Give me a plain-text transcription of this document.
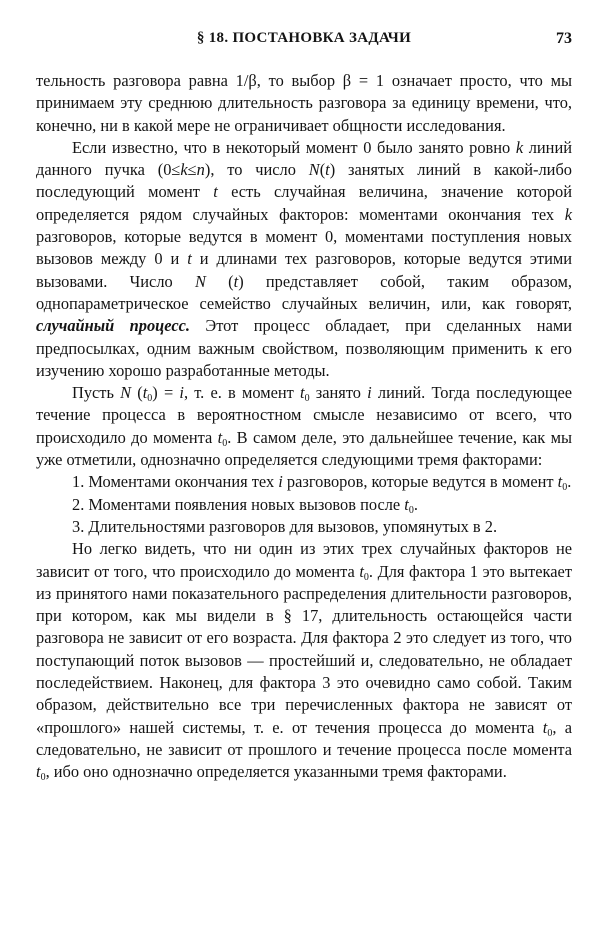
§ 18. ПОСТАНОВКА ЗАДАЧИ	73

тельность разговора равна 1/β, то выбор β = 1 означает просто, что мы принимаем эту среднюю длительность разговора за единицу времени, что, конечно, ни в какой мере не ограничивает общности исследования.

Если известно, что в некоторый момент 0 было занято ровно k линий данного пучка (0≤k≤n), то число N(t) занятых линий в какой-либо последующий момент t есть случайная величина, значение которой определяется рядом случайных факторов: моментами окончания тех k разговоров, которые ведутся в момент 0, моментами поступления новых вызовов между 0 и t и длинами тех разговоров, которые ведутся этими вызовами. Число N (t) представляет собой, таким образом, однопараметрическое семейство случайных величин, или, как говорят, случайный процесс. Этот процесс обладает, при сделанных нами предпосылках, одним важным свойством, позволяющим применить к его изучению хорошо разработанные методы.

Пусть N $(t_0) = i$, т. е. в момент $t_0$ занято i линий. Тогда последующее течение процесса в вероятностном смысле независимо от всего, что происходило до момента $t_0$. В самом деле, это дальнейшее течение, как мы уже отметили, однозначно определяется следующими тремя факторами:

1. Моментами окончания тех i разговоров, которые ведутся в момент $t_0$.

2. Моментами появления новых вызовов после $t_0$.

3. Длительностями разговоров для вызовов, упомянутых в 2.

Но легко видеть, что ни один из этих трех случайных факторов не зависит от того, что происходило до момента $t_0$. Для фактора 1 это вытекает из принятого нами показательного распределения длительности разговоров, при котором, как мы видели в § 17, длительность остающейся части разговора не зависит от его возраста. Для фактора 2 это следует из того, что поступающий поток вызовов — простейший и, следовательно, не обладает последействием. Наконец, для фактора 3 это очевидно само собой. Таким образом, действительно все три перечисленных фактора не зависят от «прошлого» нашей системы, т. е. от течения процесса до момента $t_0$, а следовательно, не зависит от прошлого и течение процесса после момента $t_0$, ибо оно однозначно определяется указанными тремя факторами.
